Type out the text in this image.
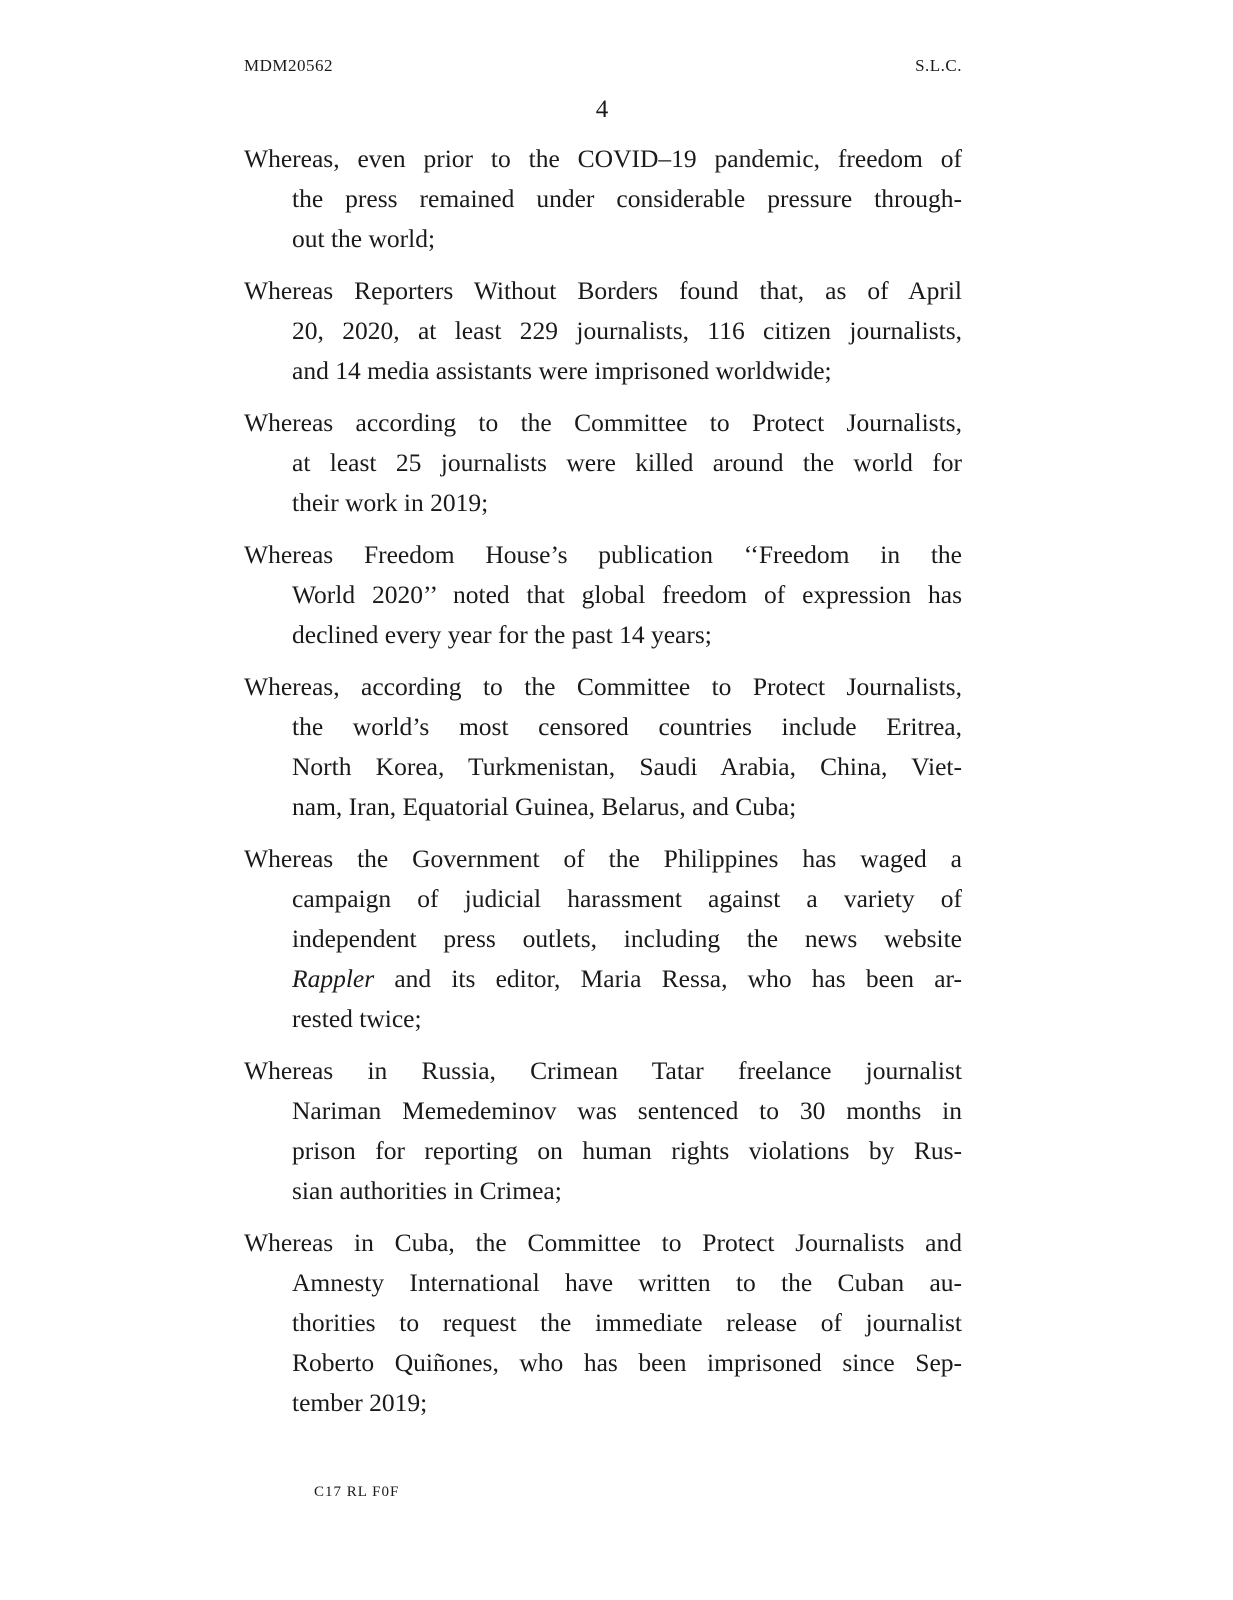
MDM20562	S.L.C.
4

Whereas, even prior to the COVID–19 pandemic, freedom of
the press remained under considerable pressure through-
out the world;

Whereas Reporters Without Borders found that, as of April
20, 2020, at least 229 journalists, 116 citizen journalists,
and 14 media assistants were imprisoned worldwide;

Whereas according to the Committee to Protect Journalists,
at least 25 journalists were killed around the world for
their work in 2019;

Whereas Freedom House’s publication ‘‘Freedom in the
World 2020’’ noted that global freedom of expression has
declined every year for the past 14 years;

Whereas, according to the Committee to Protect Journalists,
the world’s most censored countries include Eritrea,
North Korea, Turkmenistan, Saudi Arabia, China, Viet-
nam, Iran, Equatorial Guinea, Belarus, and Cuba;

Whereas the Government of the Philippines has waged a
campaign of judicial harassment against a variety of
independent press outlets, including the news website
Rappler and its editor, Maria Ressa, who has been ar-
rested twice;

Whereas in Russia, Crimean Tatar freelance journalist
Nariman Memedeminov was sentenced to 30 months in
prison for reporting on human rights violations by Rus-
sian authorities in Crimea;

Whereas in Cuba, the Committee to Protect Journalists and
Amnesty International have written to the Cuban au-
thorities to request the immediate release of journalist
Roberto Quiñones, who has been imprisoned since Sep-
tember 2019;

C17 RL F0F
